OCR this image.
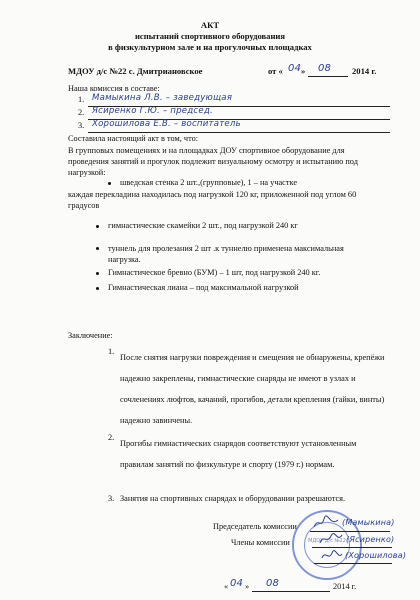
АКТ
испытаний спортивного оборудования
в физкультурном зале и на прогулочных площадках
МДОУ д/с №22 с. Дмитриановское	от « 04 » 08 2014 г.
Наша комиссия в составе:
1. Мамыкина Л.В. – заведующая
2. Ясиренко Г.Ю. – председ.
3. Хорошилова Е.В. – воспитатель
Составила настоящий акт в том, что:
В групповых помещениях и на площадках ДОУ спортивное оборудование для проведения занятий и прогулок подлежит визуальному осмотру и испытанию под нагрузкой:
шведская стенка 2 шт.,(групповые), 1 – на участке
каждая перекладина находилась под нагрузкой 120 кг, приложенной под углом 60 градусов
гимнастические скамейки 2 шт., под нагрузкой 240 кг
туннель для пролезания 2 шт .к туннелю применена максимальная нагрузка.
Гимнастическое бревно (БУМ) – 1 шт, под нагрузкой 240 кг.
Гимнастическая лиана – под максимальной нагрузкой
Заключение:
1.
После снятия нагрузки повреждения и смещения не обнаружены, крепёжи надежно закреплены, гимнастические снаряды не имеют в узлах и сочленениях люфтов, качаний, прогибов, детали крепления (гайки, винты) надежно завинчены.
2.
Прогибы гимнастических снарядов соответствуют установленным правилам занятий по физкультуре и спорту (1979 г.) нормам.
3. Занятия на спортивных снарядах и оборудовании разрешаются.
МДОУ д/с №22
Председатель комиссии	(Мамыкина)
Члены комиссии	(Ясиренко)
(Хорошилова)
« 04 » 08	2014 г.
